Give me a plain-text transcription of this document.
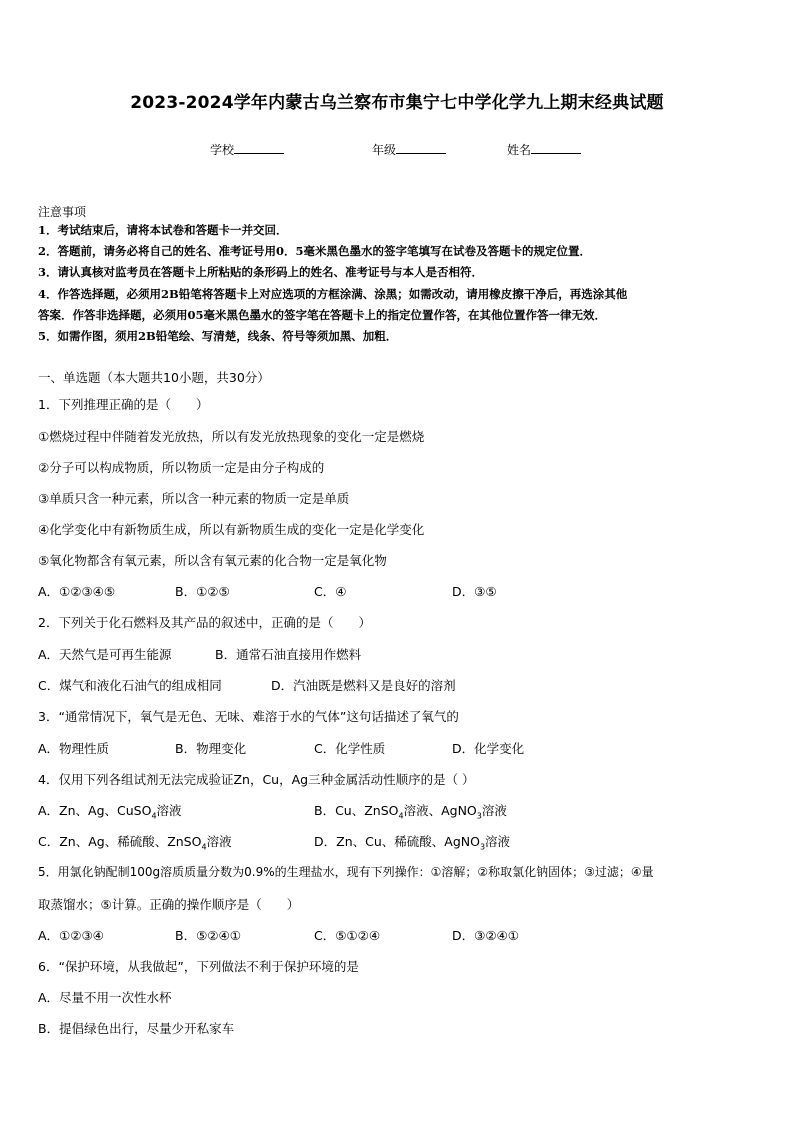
2023-2024学年内蒙古乌兰察布市集宁七中学化学九上期末经典试题
学校	年级	姓名
注意事项
1．考试结束后，请将本试卷和答题卡一并交回．
2．答题前，请务必将自己的姓名、准考证号用0．5毫米黑色墨水的签字笔填写在试卷及答题卡的规定位置．
3．请认真核对监考员在答题卡上所粘贴的条形码上的姓名、准考证号与本人是否相符．
4．作答选择题，必须用2B铅笔将答题卡上对应选项的方框涂满、涂黑；如需改动，请用橡皮擦干净后，再选涂其他
答案．作答非选择题，必须用05毫米黑色墨水的签字笔在答题卡上的指定位置作答，在其他位置作答一律无效．
5．如需作图，须用2B铅笔绘、写清楚，线条、符号等须加黑、加粗．
一、单选题（本大题共10小题，共30分）
1．下列推理正确的是（　　）
①燃烧过程中伴随着发光放热，所以有发光放热现象的变化一定是燃烧
②分子可以构成物质，所以物质一定是由分子构成的
③单质只含一种元素，所以含一种元素的物质一定是单质
④化学变化中有新物质生成，所以有新物质生成的变化一定是化学变化
⑤氧化物都含有氧元素，所以含有氧元素的化合物一定是氧化物
A．①②③④⑤	B．①②⑤	C．④	D．③⑤
2．下列关于化石燃料及其产品的叙述中，正确的是（　　）
A．天然气是可再生能源	B．通常石油直接用作燃料
C．煤气和液化石油气的组成相同	D．汽油既是燃料又是良好的溶剂
3．“通常情况下，氧气是无色、无味、难溶于水的气体”这句话描述了氧气的
A．物理性质	B．物理变化	C．化学性质	D．化学变化
4．仅用下列各组试剂无法完成验证Zn，Cu，Ag三种金属活动性顺序的是（ ）
A．Zn、Ag、CuSO$_4$溶液	B．Cu、ZnSO$_4$溶液、AgNO$_3$溶液
C．Zn、Ag、稀硫酸、ZnSO$_4$溶液	D．Zn、Cu、稀硫酸、AgNO$_3$溶液
5．用氯化钠配制100g溶质质量分数为0.9%的生理盐水，现有下列操作：①溶解；②称取氯化钠固体；③过滤；④量
取蒸馏水；⑤计算。正确的操作顺序是（　　）
A．①②③④	B．⑤②④①	C．⑤①②④	D．③②④①
6．“保护环境，从我做起”，下列做法不利于保护环境的是
A．尽量不用一次性水杯
B．提倡绿色出行，尽量少开私家车
